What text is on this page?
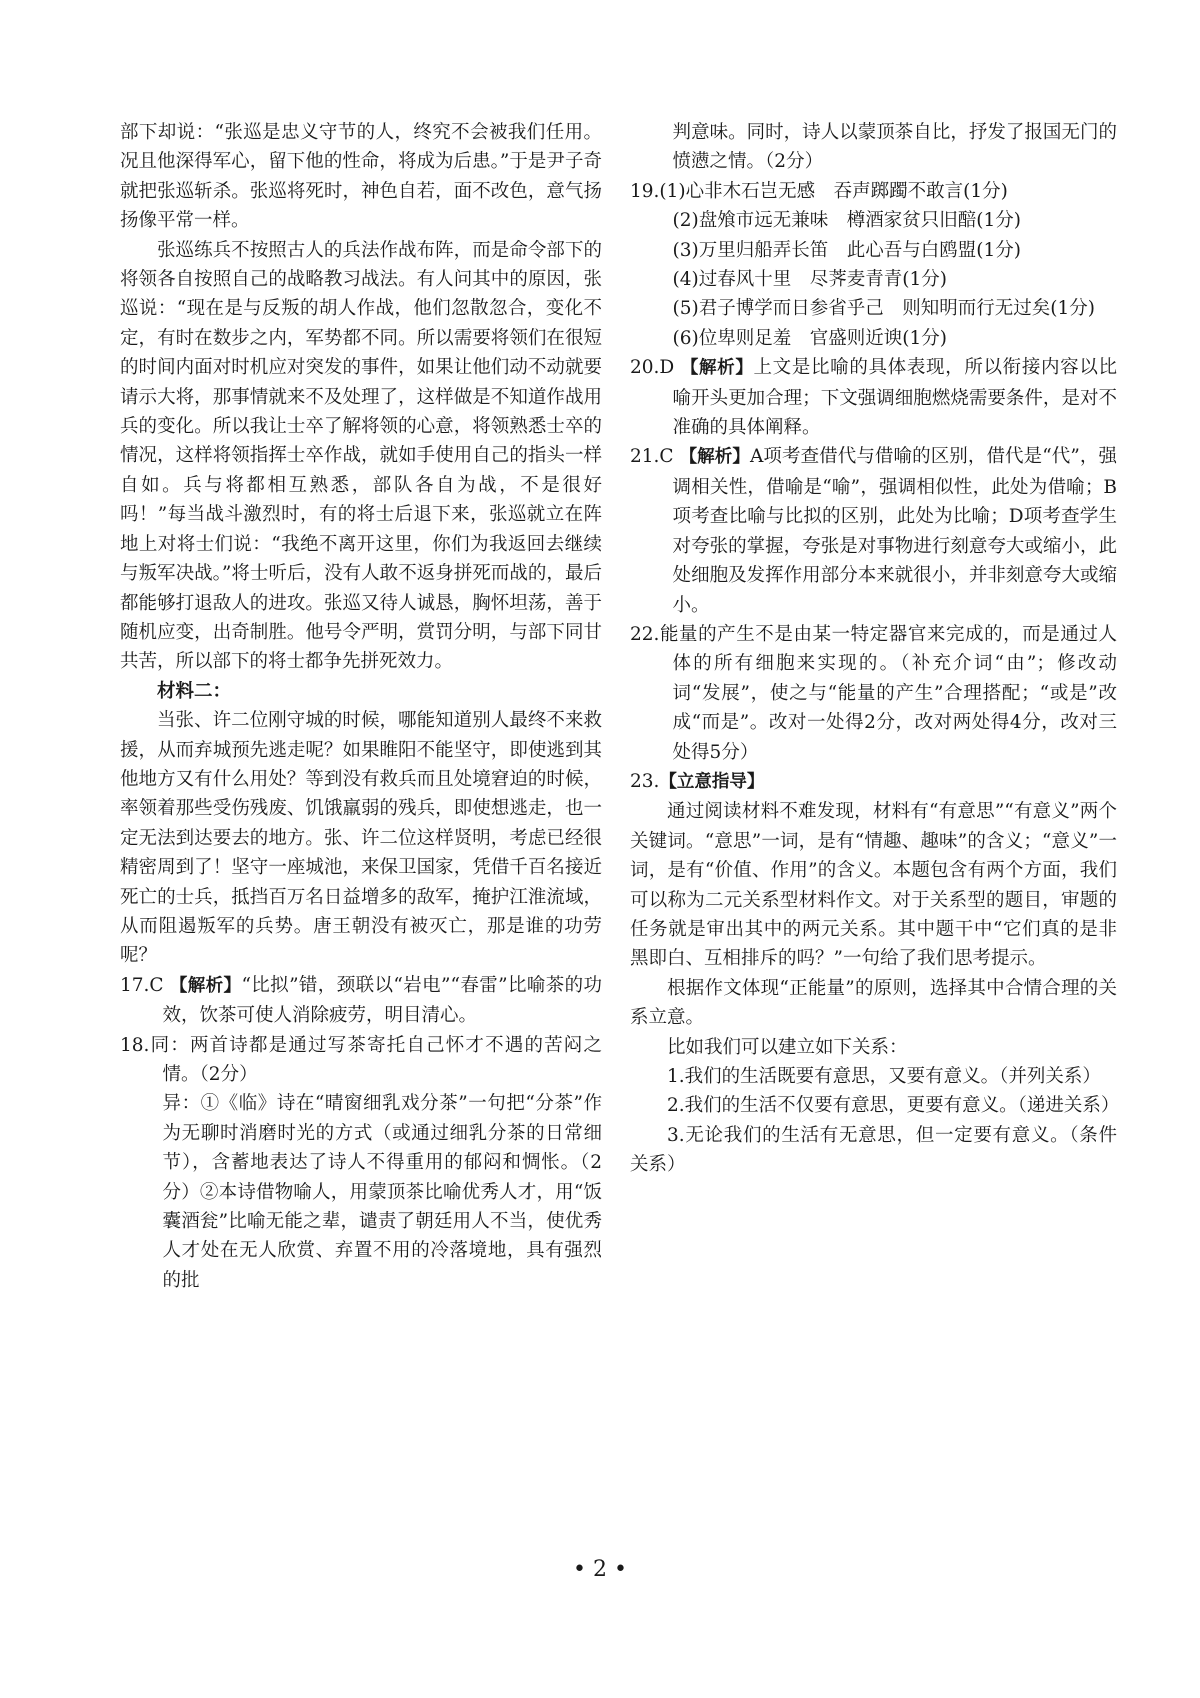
部下却说：“张巡是忠义守节的人，终究不会被我们任用。况且他深得军心，留下他的性命，将成为后患。”于是尹子奇就把张巡斩杀。张巡将死时，神色自若，面不改色，意气扬扬像平常一样。

张巡练兵不按照古人的兵法作战布阵，而是命令部下的将领各自按照自己的战略教习战法。有人问其中的原因，张巡说：“现在是与反叛的胡人作战，他们忽散忽合，变化不定，有时在数步之内，军势都不同。所以需要将领们在很短的时间内面对时机应对突发的事件，如果让他们动不动就要请示大将，那事情就来不及处理了，这样做是不知道作战用兵的变化。所以我让士卒了解将领的心意，将领熟悉士卒的情况，这样将领指挥士卒作战，就如手使用自己的指头一样自如。兵与将都相互熟悉，部队各自为战，不是很好吗！”每当战斗激烈时，有的将士后退下来，张巡就立在阵地上对将士们说：“我绝不离开这里，你们为我返回去继续与叛军决战。”将士听后，没有人敢不返身拼死而战的，最后都能够打退敌人的进攻。张巡又待人诚恳，胸怀坦荡，善于随机应变，出奇制胜。他号令严明，赏罚分明，与部下同甘共苦，所以部下的将士都争先拼死效力。

材料二：

当张、许二位刚守城的时候，哪能知道别人最终不来救援，从而弃城预先逃走呢？如果睢阳不能坚守，即使逃到其他地方又有什么用处？等到没有救兵而且处境窘迫的时候，率领着那些受伤残废、饥饿羸弱的残兵，即使想逃走，也一定无法到达要去的地方。张、许二位这样贤明，考虑已经很精密周到了！坚守一座城池，来保卫国家，凭借千百名接近死亡的士兵，抵挡百万名日益增多的敌军，掩护江淮流域，从而阻遏叛军的兵势。唐王朝没有被灭亡，那是谁的功劳呢？

17.C 【解析】“比拟”错，颈联以“岩电”“春雷”比喻茶的功效，饮茶可使人消除疲劳，明目清心。

18.同：两首诗都是通过写茶寄托自己怀才不遇的苦闷之情。（2分）

异：①《临》诗在“晴窗细乳戏分茶”一句把“分茶”作为无聊时消磨时光的方式（或通过细乳分茶的日常细节），含蓄地表达了诗人不得重用的郁闷和惆怅。（2分）②本诗借物喻人，用蒙顶茶比喻优秀人才，用“饭囊酒瓮”比喻无能之辈，谴责了朝廷用人不当，使优秀人才处在无人欣赏、弃置不用的冷落境地，具有强烈的批

判意味。同时，诗人以蒙顶茶自比，抒发了报国无门的愤懑之情。（2分）

19.(1)心非木石岂无感　吞声踯躅不敢言(1分)

(2)盘飧市远无兼味　樽酒家贫只旧醅(1分)

(3)万里归船弄长笛　此心吾与白鸥盟(1分)

(4)过春风十里　尽荠麦青青(1分)

(5)君子博学而日参省乎己　则知明而行无过矣(1分)

(6)位卑则足羞　官盛则近谀(1分)

20.D 【解析】上文是比喻的具体表现，所以衔接内容以比喻开头更加合理；下文强调细胞燃烧需要条件，是对不准确的具体阐释。

21.C 【解析】A项考查借代与借喻的区别，借代是“代”，强调相关性，借喻是“喻”，强调相似性，此处为借喻；B项考查比喻与比拟的区别，此处为比喻；D项考查学生对夸张的掌握，夸张是对事物进行刻意夸大或缩小，此处细胞及发挥作用部分本来就很小，并非刻意夸大或缩小。

22.能量的产生不是由某一特定器官来完成的，而是通过人体的所有细胞来实现的。（补充介词“由”；修改动词“发展”，使之与“能量的产生”合理搭配；“或是”改成“而是”。改对一处得2分，改对两处得4分，改对三处得5分）

23.【立意指导】

通过阅读材料不难发现，材料有“有意思”“有意义”两个关键词。“意思”一词，是有“情趣、趣味”的含义；“意义”一词，是有“价值、作用”的含义。本题包含有两个方面，我们可以称为二元关系型材料作文。对于关系型的题目，审题的任务就是审出其中的两元关系。其中题干中“它们真的是非黑即白、互相排斥的吗？”一句给了我们思考提示。

根据作文体现“正能量”的原则，选择其中合情合理的关系立意。

比如我们可以建立如下关系：

1.我们的生活既要有意思，又要有意义。（并列关系）

2.我们的生活不仅要有意思，更要有意义。（递进关系）

3.无论我们的生活有无意思，但一定要有意义。（条件关系）

• 2 •
